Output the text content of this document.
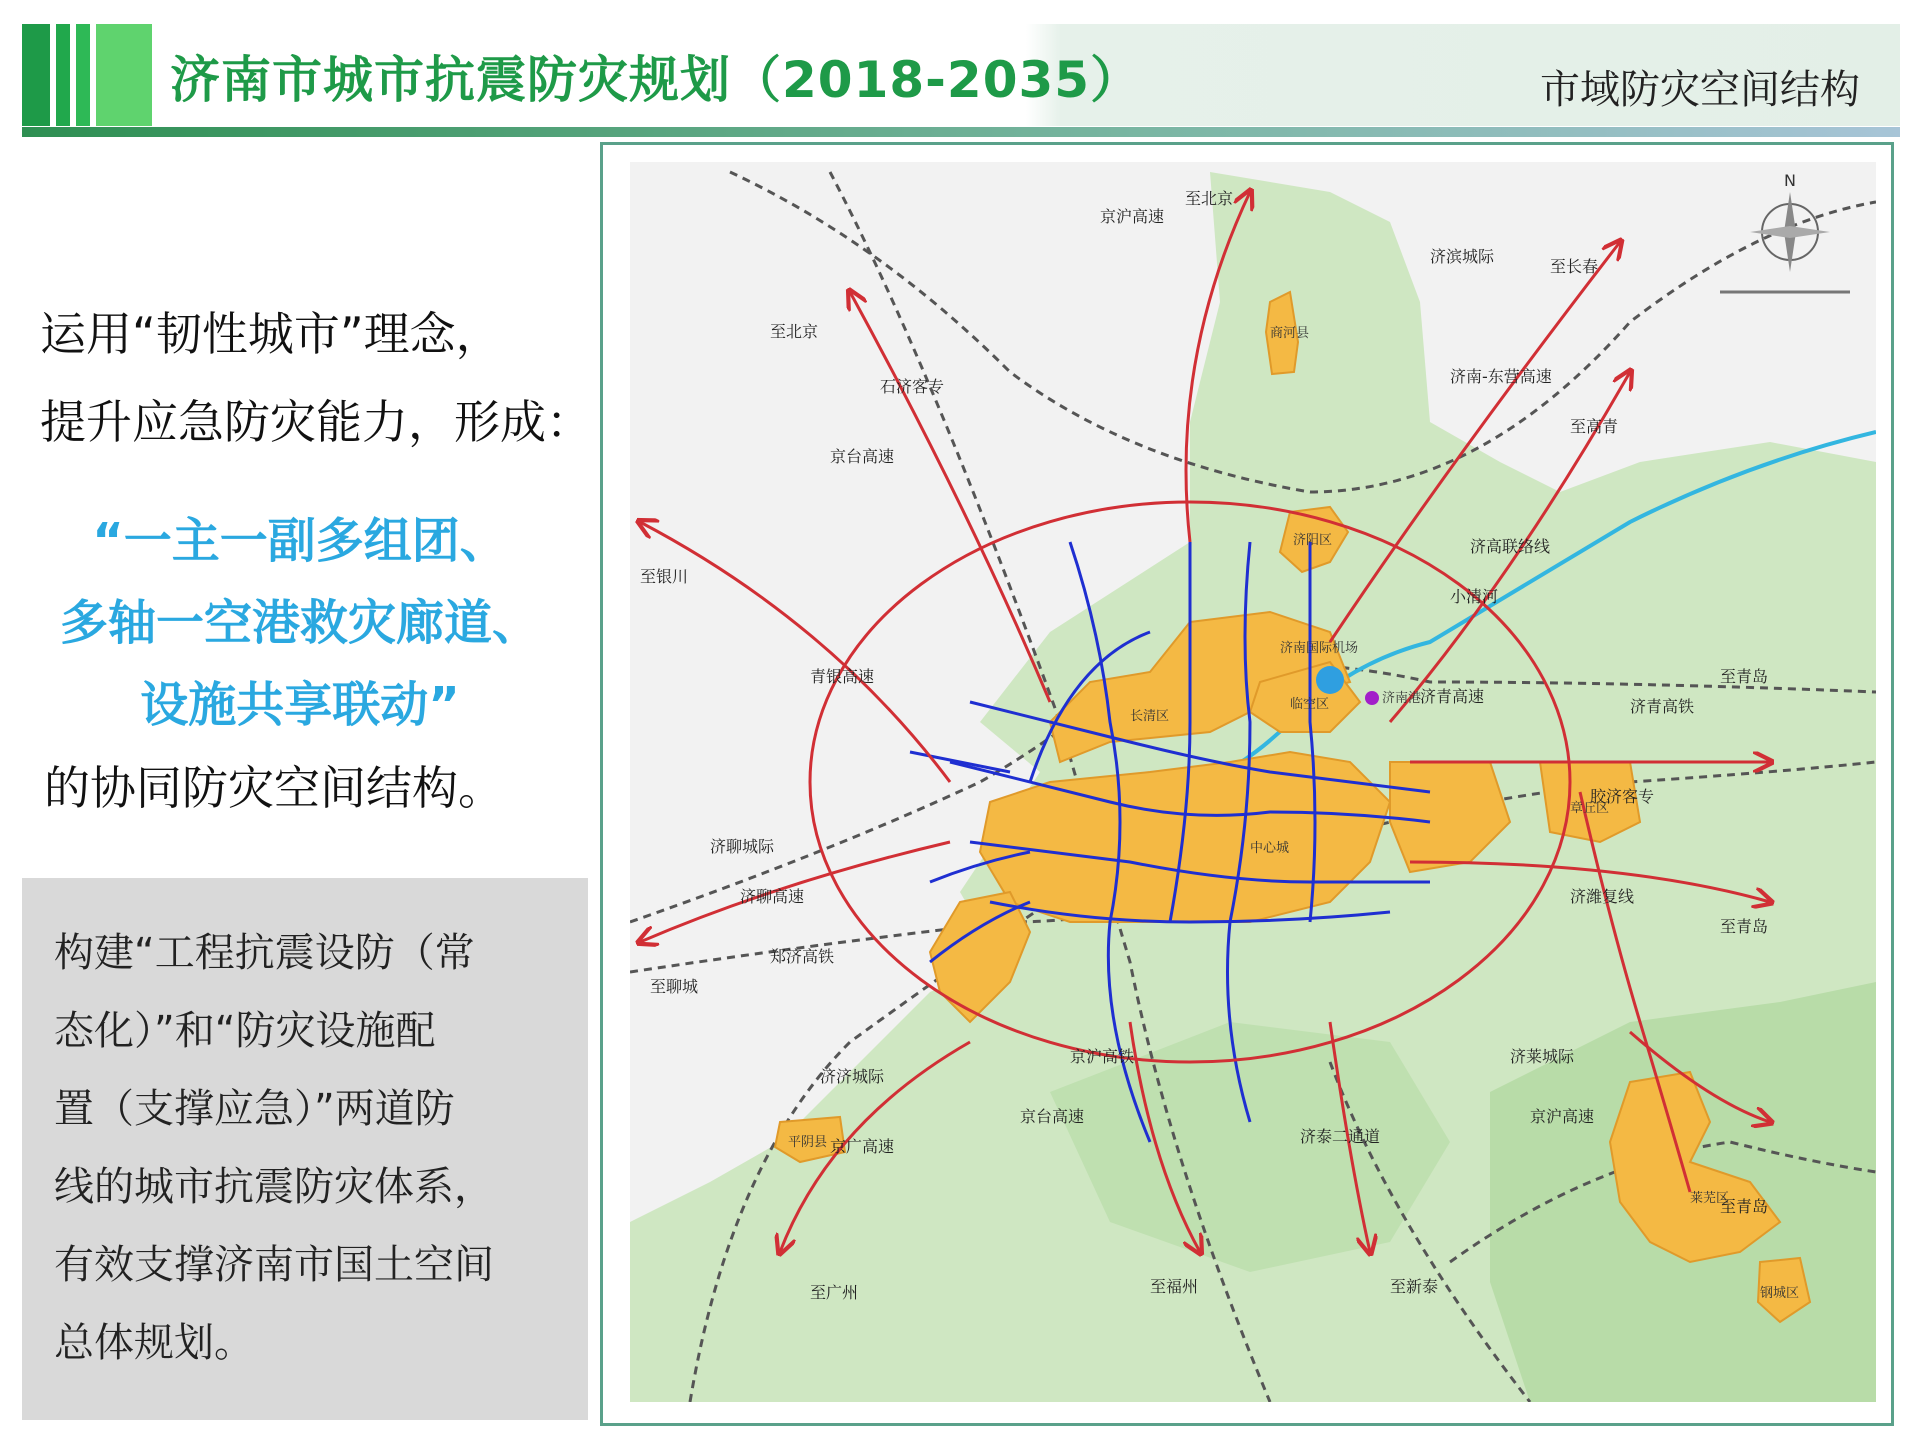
济南市城市抗震防灾规划（2018-2035）	市域防灾空间结构
运用“韧性城市”理念，
提升应急防灾能力，形成：
“一主一副多组团、
多轴一空港救灾廊道、
设施共享联动”
的协同防灾空间结构。
构建“工程抗震设防（常
态化）”和“防灾设施配
置（支撑应急）”两道防
线的城市抗震防灾体系，
有效支撑济南市国土空间
总体规划。
N
至北京
至北京
至长春
至高青
至银川
至青岛
至青岛
至青岛
至聊城
至广州	至福州	至新泰
济滨城际
青银高速
济青高速
济青高铁
胶济客专
济潍复线
济高联络线
小清河
济南-东营高速
济聊城际
济聊高速
郑济高铁
济济城际
京广高速
京沪高铁
京台高速
济泰二通道
济莱城际
京沪高速
京沪高速
石济客专
京台高速
商河县
济阳区
长清区
中心城
章丘区
临空区
平阴县
莱芜区
钢城区
济南国际机场
济南港
